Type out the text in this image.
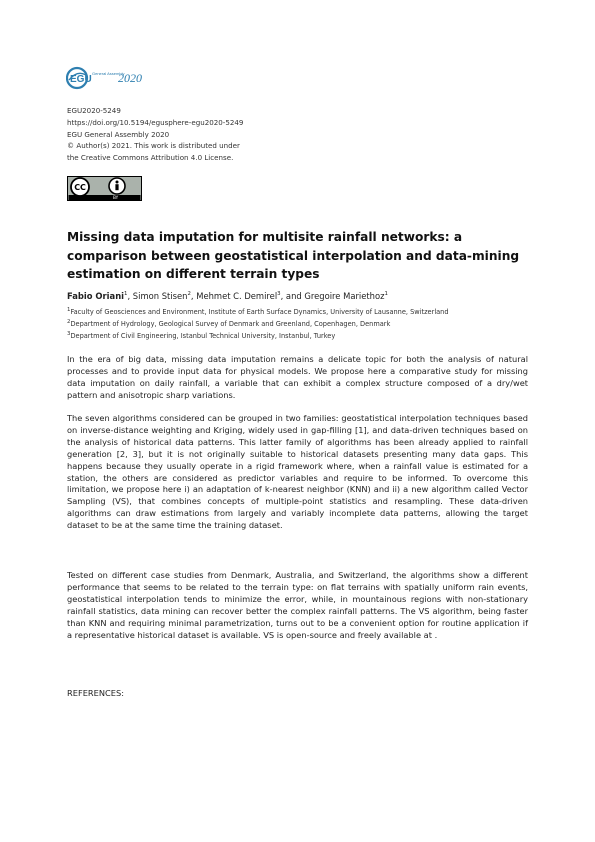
EGU
General Assembly
2020
EGU2020-5249
https://doi.org/10.5194/egusphere-egu2020-5249
EGU General Assembly 2020
© Author(s) 2021. This work is distributed under
the Creative Commons Attribution 4.0 License.
CC
BY
Missing data imputation for multisite rainfall networks: a comparison between geostatistical interpolation and data-mining estimation on different terrain types
Fabio Oriani$^1$, Simon Stisen$^2$, Mehmet C. Demirel$^3$, and Gregoire Mariethoz$^1$
$^1$Faculty of Geosciences and Environment, Institute of Earth Surface Dynamics, University of Lausanne, Switzerland
$^2$Department of Hydrology, Geological Survey of Denmark and Greenland, Copenhagen, Denmark
$^3$Department of Civil Engineering, Istanbul Technical University, Instanbul, Turkey

In the era of big data, missing data imputation remains a delicate topic for both the analysis of natural processes and to provide input data for physical models. We propose here a comparative study for missing data imputation on daily rainfall, a variable that can exhibit a complex structure composed of a dry/wet pattern and anisotropic sharp variations.

The seven algorithms considered can be grouped in two families: geostatistical interpolation techniques based on inverse-distance weighting and Kriging, widely used in gap-filling [1], and data-driven techniques based on the analysis of historical data patterns. This latter family of algorithms has been already applied to rainfall generation [2, 3], but it is not originally suitable to historical datasets presenting many data gaps. This happens because they usually operate in a rigid framework where, when a rainfall value is estimated for a station, the others are considered as predictor variables and require to be informed. To overcome this limitation, we propose here i) an adaptation of k-nearest neighbor (KNN) and ii) a new algorithm called Vector Sampling (VS), that combines concepts of multiple-point statistics and resampling. These data-driven algorithms can draw estimations from largely and variably incomplete data patterns, allowing the target dataset to be at the same time the training dataset.

Tested on different case studies from Denmark, Australia, and Switzerland, the algorithms show a different performance that seems to be related to the terrain type: on flat terrains with spatially uniform rain events, geostatistical interpolation tends to minimize the error, while, in mountainous regions with non-stationary rainfall statistics, data mining can recover better the complex rainfall patterns. The VS algorithm, being faster than KNN and requiring minimal parametrization, turns out to be a convenient option for routine application if a representative historical dataset is available. VS is open-source and freely available at .

REFERENCES:
